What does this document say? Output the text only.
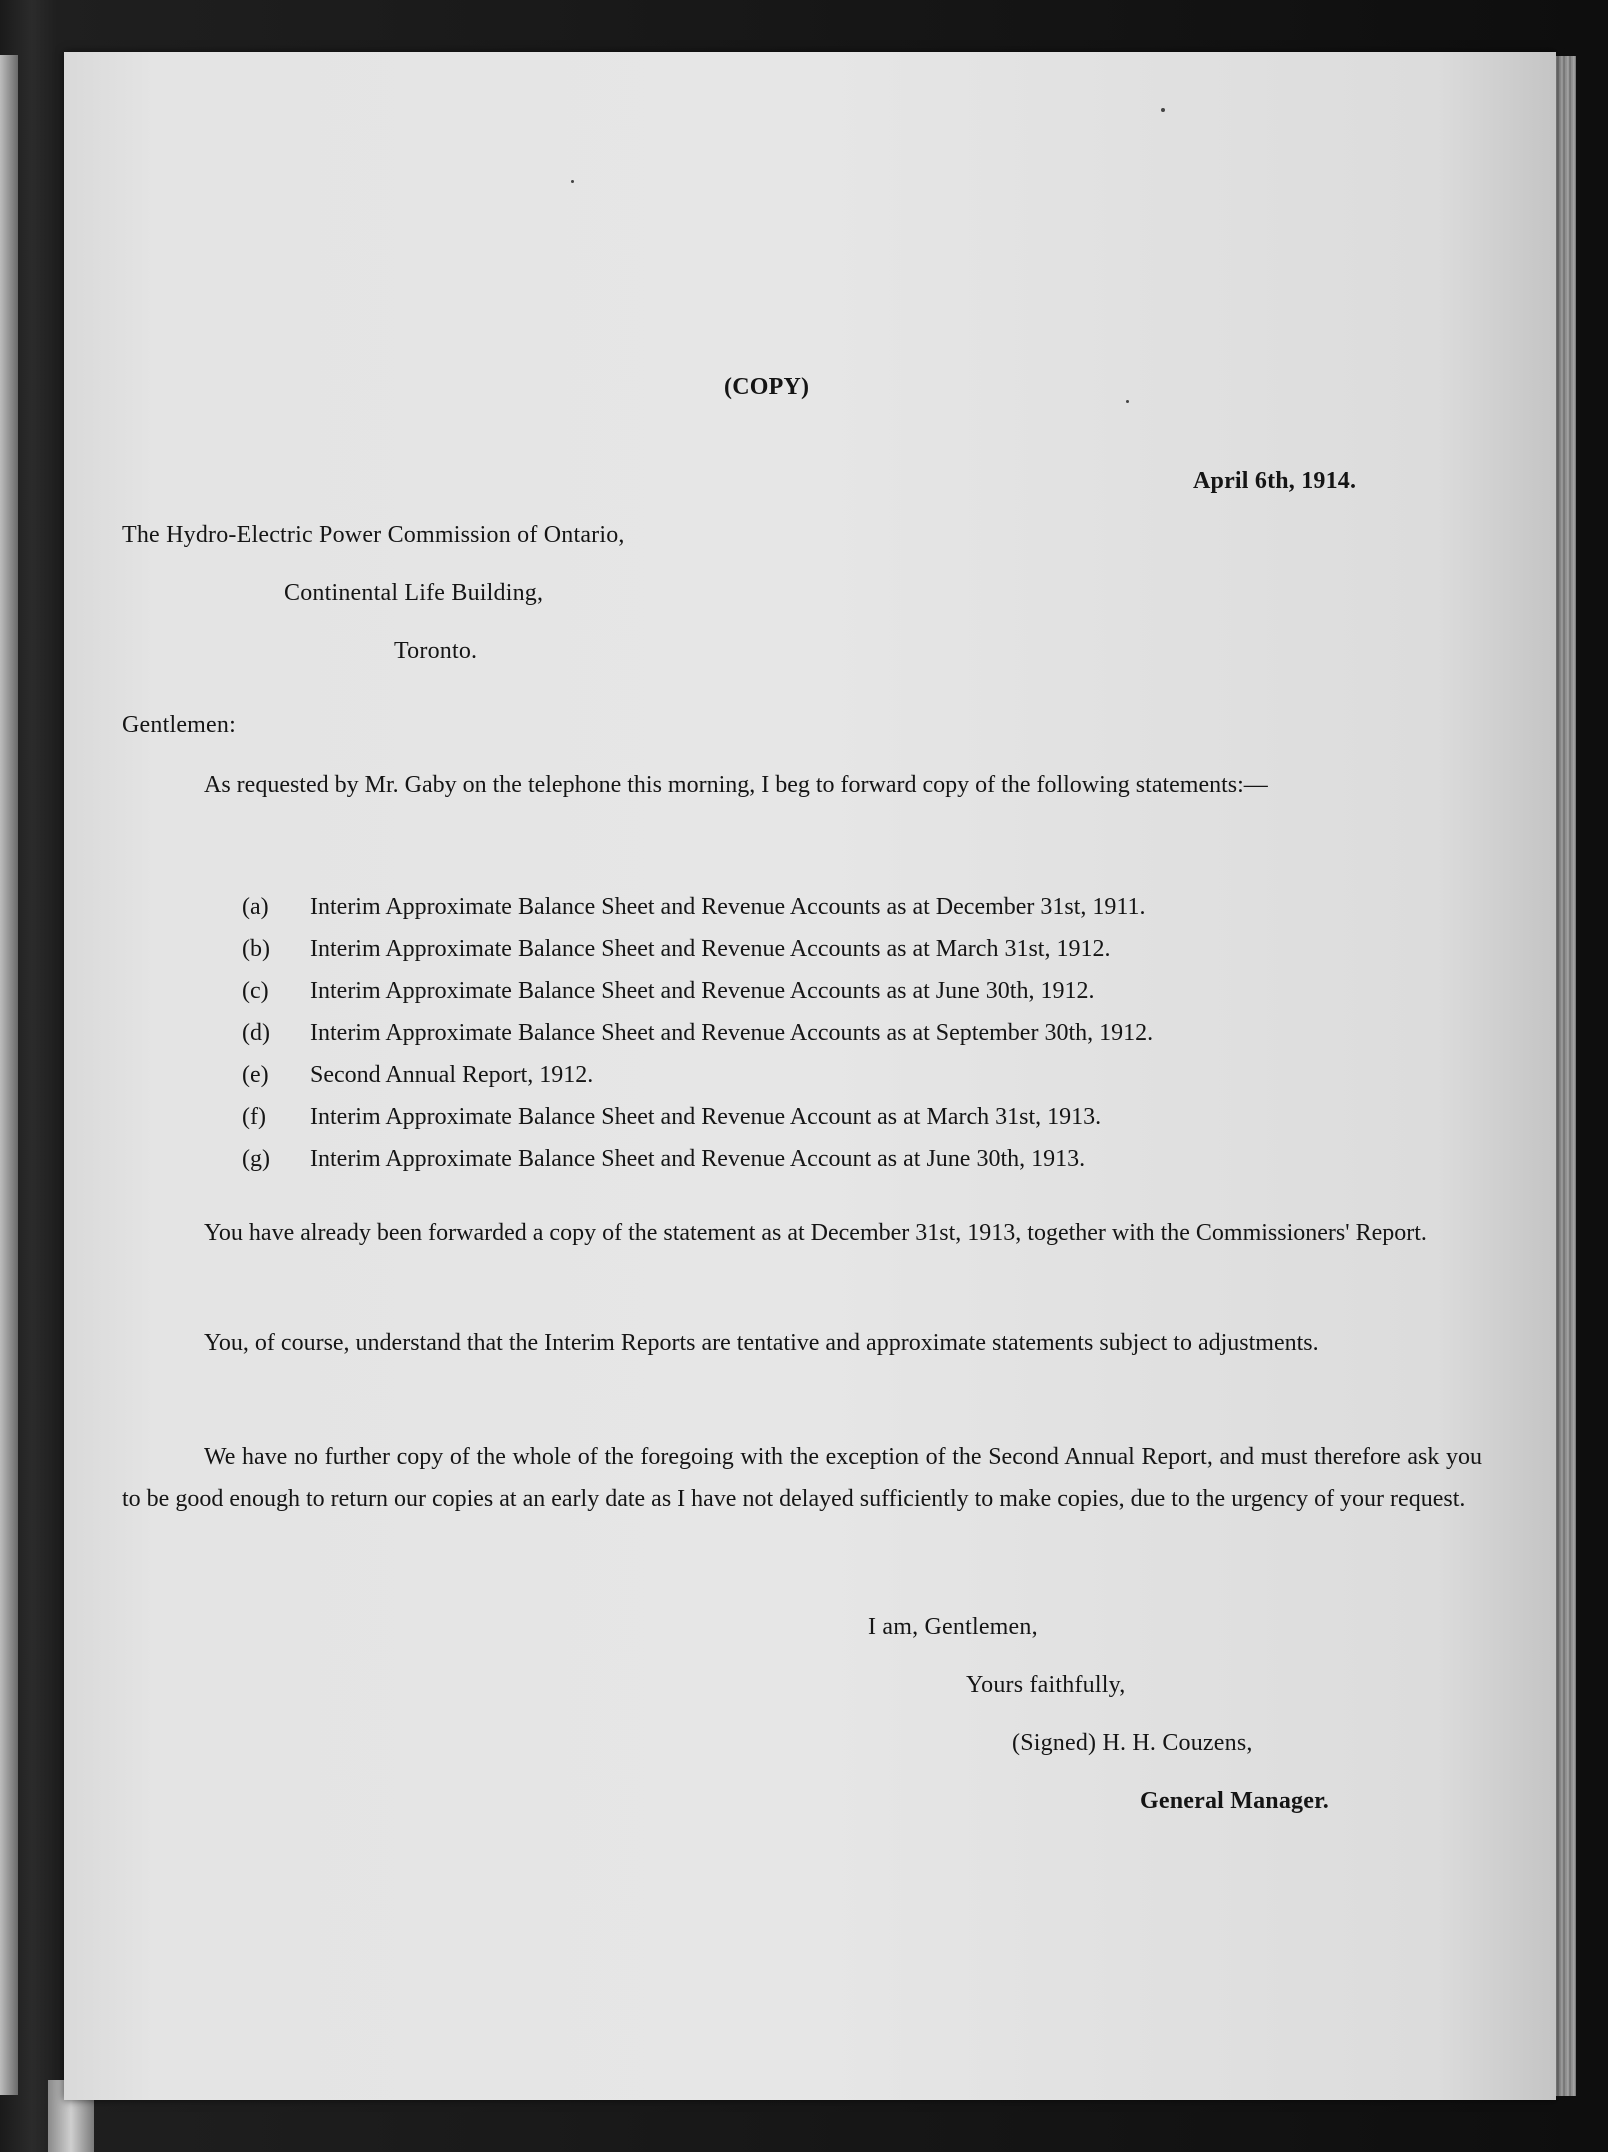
(COPY)
April 6th, 1914.
The Hydro-Electric Power Commission of Ontario,
Continental Life Building,
Toronto.
Gentlemen:
As requested by Mr. Gaby on the telephone this morning, I beg to forward copy of the following statements:—
(a)	Interim Approximate Balance Sheet and Revenue Accounts as at December 31st, 1911.
(b)	Interim Approximate Balance Sheet and Revenue Accounts as at March 31st, 1912.
(c)	Interim Approximate Balance Sheet and Revenue Accounts as at June 30th, 1912.
(d)	Interim Approximate Balance Sheet and Revenue Accounts as at September 30th, 1912.
(e)	Second Annual Report, 1912.
(f)	Interim Approximate Balance Sheet and Revenue Account as at March 31st, 1913.
(g)	Interim Approximate Balance Sheet and Revenue Account as at June 30th, 1913.
You have already been forwarded a copy of the statement as at December 31st, 1913, together with the Commissioners' Report.
You, of course, understand that the Interim Reports are tentative and approximate statements subject to adjustments.
We have no further copy of the whole of the foregoing with the exception of the Second Annual Report, and must therefore ask you to be good enough to return our copies at an early date as I have not delayed sufficiently to make copies, due to the urgency of your request.
I am, Gentlemen,
Yours faithfully,
(Signed) H. H. Couzens,
General Manager.
